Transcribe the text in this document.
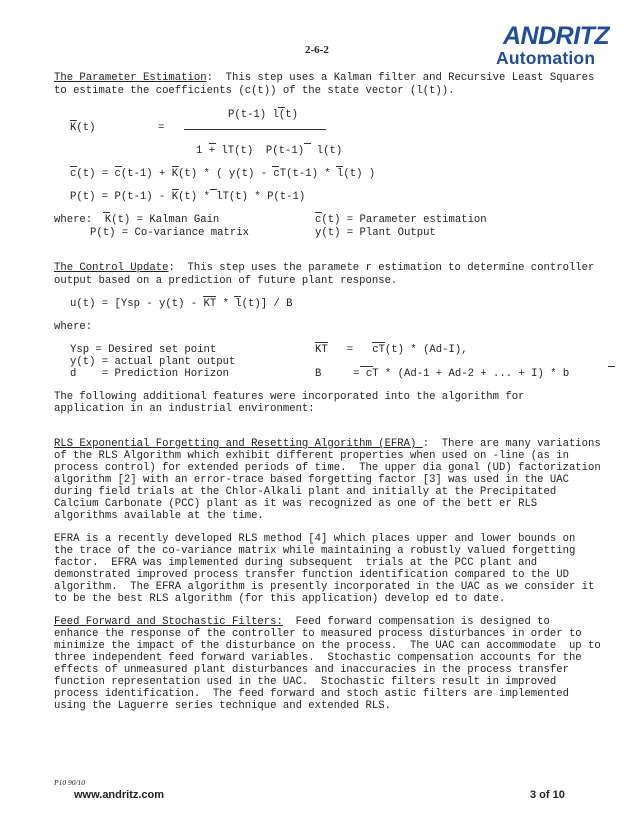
2-6-2	ANDRITZ
Automation
The Parameter Estimation:  This step uses a Kalman filter and Recursive Least Squares
to estimate the coefficients (c(t)) of the state vector (l(t)).
P(t-1) l(t)
K(t)	=
1 + lT(t)  P(t-1)  l(t)
c(t) = c(t-1) + K(t) * ( y(t) - cT(t-1) * l(t) )
P(t) = P(t-1) - K(t) * lT(t) * P(t-1)
where:  K(t) = Kalman Gain	c(t) = Parameter estimation
P(t) = Co-variance matrix	y(t) = Plant Output
The Control Update:  This step uses the paramete r estimation to determine controller
output based on a prediction of future plant response.
u(t) = [Ysp - y(t) - KT * l(t)] / B
where:
Ysp = Desired set point	KT   =   cT(t) * (Ad-I),
y(t) = actual plant output
d    = Prediction Horizon	B     = cT * (Ad-1 + Ad-2 + ... + I) * b
The following additional features were incorporated into the algorithm for
application in an industrial environment:
RLS Exponential Forgetting and Resetting Algorithm (EFRA) :  There are many variations
of the RLS Algorithm which exhibit different properties when used on -line (as in
process control) for extended periods of time.  The upper dia gonal (UD) factorization
algorithm [2] with an error-trace based forgetting factor [3] was used in the UAC
during field trials at the Chlor-Alkali plant and initially at the Precipitated
Calcium Carbonate (PCC) plant as it was recognized as one of the bett er RLS
algorithms available at the time.
EFRA is a recently developed RLS method [4] which places upper and lower bounds on
the trace of the co-variance matrix while maintaining a robustly valued forgetting
factor.  EFRA was implemented during subsequent  trials at the PCC plant and
demonstrated improved process transfer function identification compared to the UD
algorithm.  The EFRA algorithm is presently incorporated in the UAC as we consider it
to be the best RLS algorithm (for this application) develop ed to date.
Feed Forward and Stochastic Filters:  Feed forward compensation is designed to
enhance the response of the controller to measured process disturbances in order to
minimize the impact of the disturbance on the process.  The UAC can accommodate  up to
three independent feed forward variables.  Stochastic compensation accounts for the
effects of unmeasured plant disturbances and inaccuracies in the process transfer
function representation used in the UAC.  Stochastic filters result in improved
process identification.  The feed forward and stoch astic filters are implemented
using the Laguerre series technique and extended RLS.
P10 90/10
www.andritz.com	3 of 10
